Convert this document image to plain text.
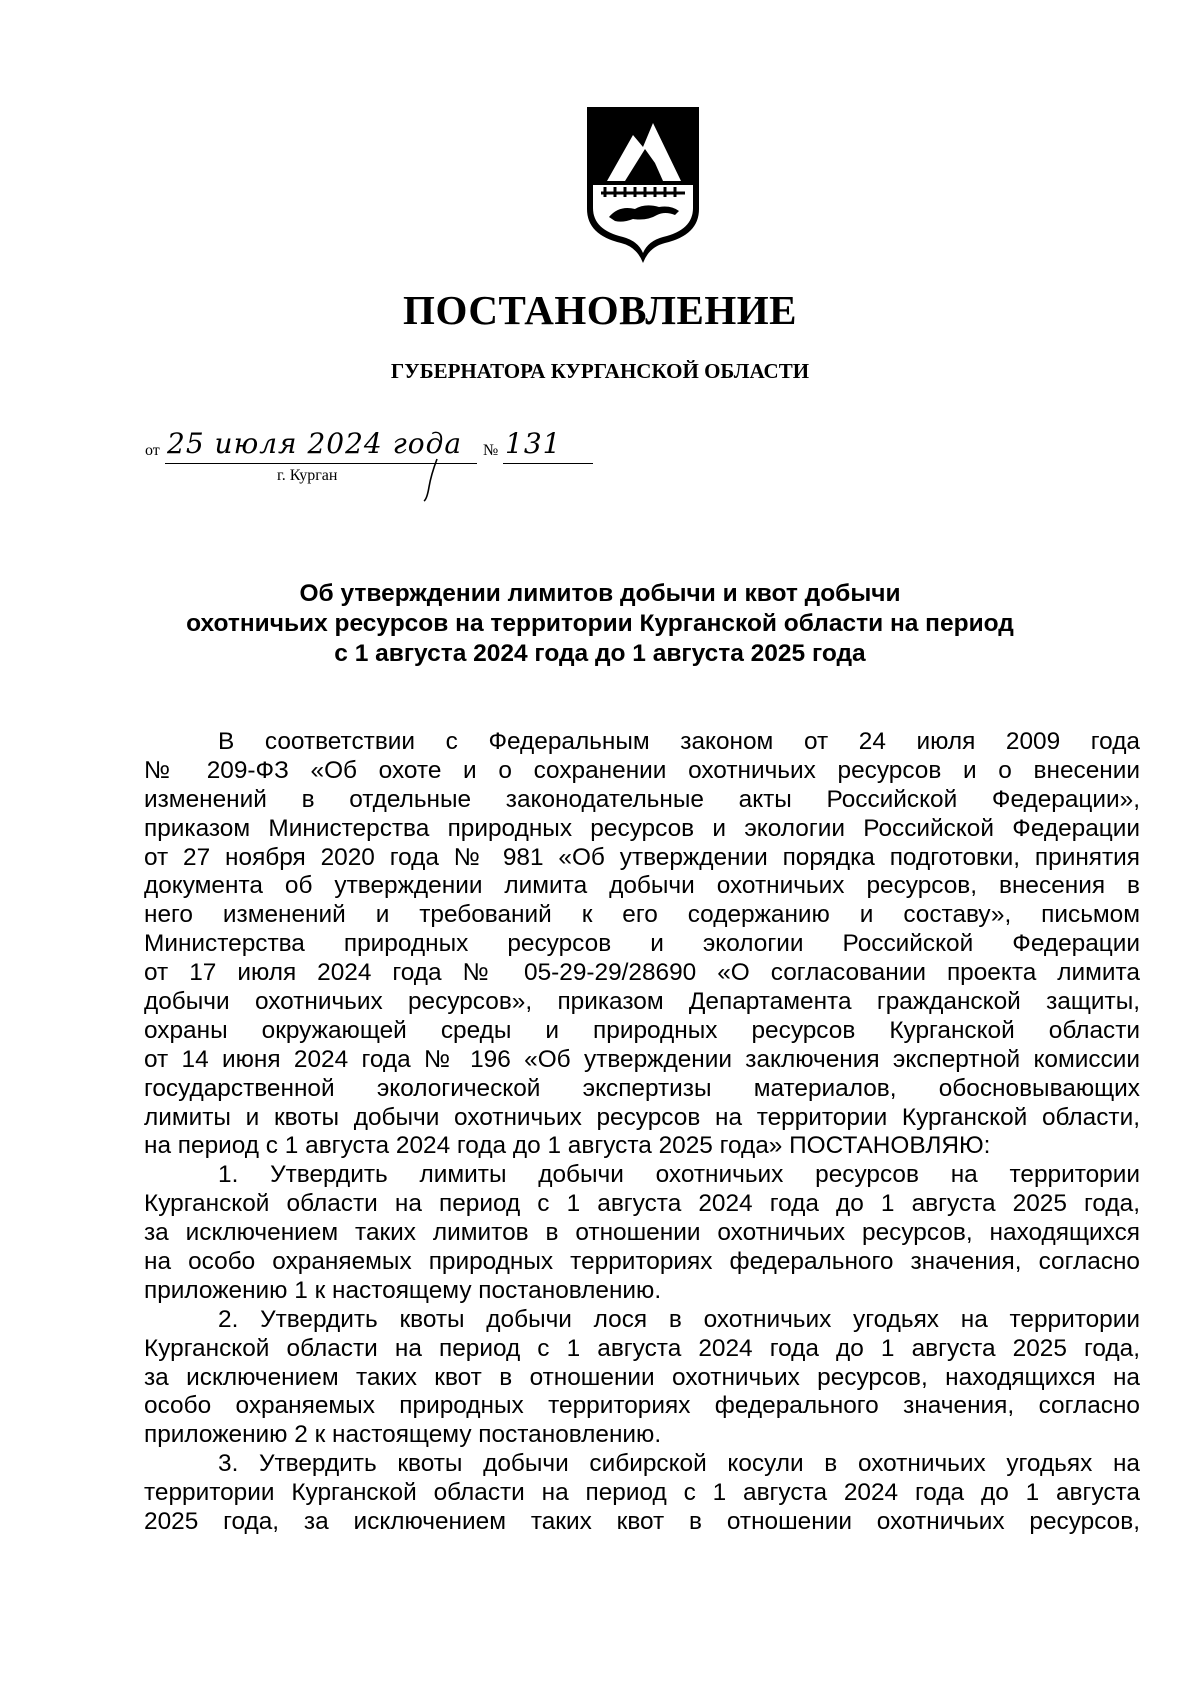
ПОСТАНОВЛЕНИЕ
ГУБЕРНАТОРА КУРГАНСКОЙ ОБЛАСТИ
от 25 июля 2024 года № 131
г. Курган
Об утверждении лимитов добычи и квот добычи
охотничьих ресурсов на территории Курганской области на период
с 1 августа 2024 года до 1 августа 2025 года
В соответствии с Федеральным законом от 24 июля 2009 года
№ 209-ФЗ «Об охоте и о сохранении охотничьих ресурсов и о внесении
изменений в отдельные законодательные акты Российской Федерации»,
приказом Министерства природных ресурсов и экологии Российской Федерации
от 27 ноября 2020 года № 981 «Об утверждении порядка подготовки, принятия
документа об утверждении лимита добычи охотничьих ресурсов, внесения в
него изменений и требований к его содержанию и составу», письмом
Министерства природных ресурсов и экологии Российской Федерации
от 17 июля 2024 года № 05-29-29/28690 «О согласовании проекта лимита
добычи охотничьих ресурсов», приказом Департамента гражданской защиты,
охраны окружающей среды и природных ресурсов Курганской области
от 14 июня 2024 года № 196 «Об утверждении заключения экспертной комиссии
государственной экологической экспертизы материалов, обосновывающих
лимиты и квоты добычи охотничьих ресурсов на территории Курганской области,
на период с 1 августа 2024 года до 1 августа 2025 года» ПОСТАНОВЛЯЮ:
1. Утвердить лимиты добычи охотничьих ресурсов на территории
Курганской области на период с 1 августа 2024 года до 1 августа 2025 года,
за исключением таких лимитов в отношении охотничьих ресурсов, находящихся
на особо охраняемых природных территориях федерального значения, согласно
приложению 1 к настоящему постановлению.
2. Утвердить квоты добычи лося в охотничьих угодьях на территории
Курганской области на период с 1 августа 2024 года до 1 августа 2025 года,
за исключением таких квот в отношении охотничьих ресурсов, находящихся на
особо охраняемых природных территориях федерального значения, согласно
приложению 2 к настоящему постановлению.
3. Утвердить квоты добычи сибирской косули в охотничьих угодьях на
территории Курганской области на период с 1 августа 2024 года до 1 августа
2025 года, за исключением таких квот в отношении охотничьих ресурсов,
